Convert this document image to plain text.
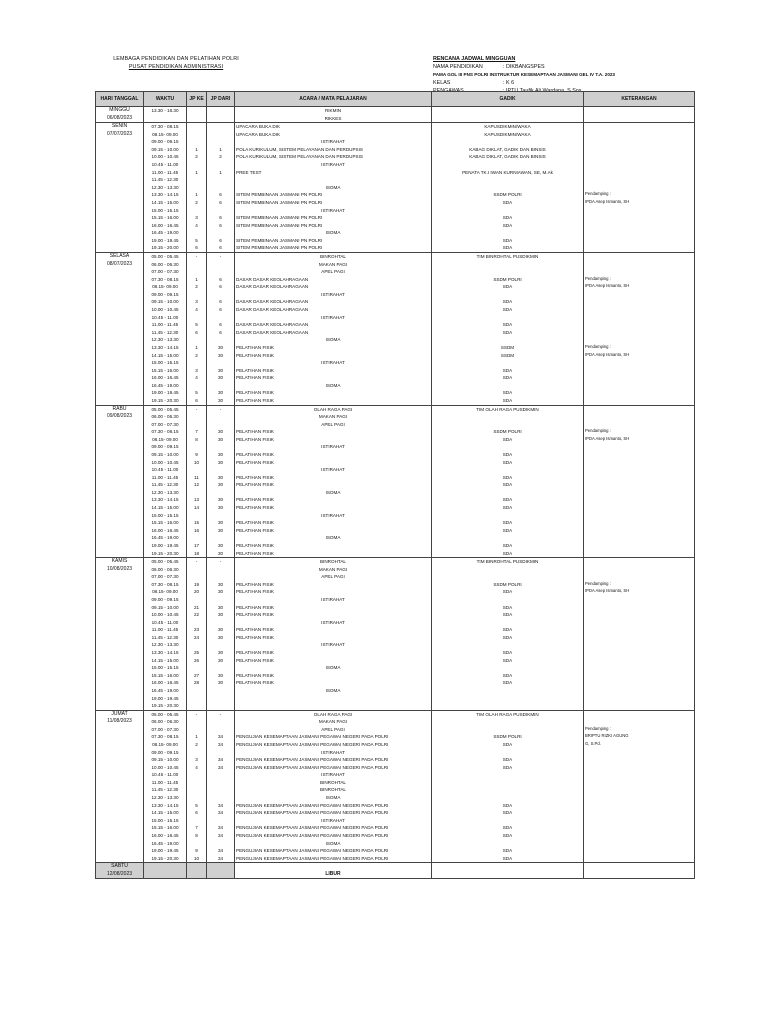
LEMBAGA PENDIDIKAN DAN PELATIHAN POLRI
PUSAT PENDIDIKAN ADMINISTRASI
RENCANA JADWAL MINGGUAN
NAMA PENDIDIKAN	: DIKBANGSPES
PAMA GOL III PNS POLRI INSTRUKTUR KESEMAPTAAN JASMANI GEL IV T.A. 2023
KELAS	: K 6
HARI TANGGAL	WAKTU	JP KE	JP DARI	ACARA / MATA PELAJARAN	GADIK	KETERANGAN
MINGGU	13.30 - 16.30			RIKMIN		
06/08/2023				RIKKES		
SENIN	07.30 - 08.15			UPACARA BUKA DIK	KAPUSDIKMIN/WAKA	
07/07/2023	08.15- 09.00			UPACARA BUKA DIK	KAPUSDIKMIN/WAKA	
	09.00 - 09.15			ISTIRAHAT		
	09.15 - 10.00	1	1	POLA KURIKULUM, SISTEM PELAYANAN DAN PERDUPSIS	KABAG DIKLAT, GADIK DAN BINSIS	
	10.00 - 10.45	2	2	POLA KURIKULUM, SISTEM PELAYANAN DAN PERDUPSIS	KABAG DIKLAT, GADIK DAN BINSIS	
	10.45 - 11.00			ISTIRAHAT		
	11.00 - 11.45	1	1	PREE TEST	PENATA TK.I IWAN KURNIAWAN, SE, M.Ak	
	11.45 - 12.30					
	12.30 - 13.30			ISOMA		
	13.30 - 14.15	1	6	SITEM PEMBINAAN JASMANI PN POLRI	SSDM POLRI	Pendamping :
	14.15 - 15.00	2	6	SITEM PEMBINAAN JASMANI PN POLRI	SDA	IPDA Asep Ismanto, SH
	15.00 - 15.15			ISTIRAHAT		
	15.15 - 16.00	3	6	SITEM PEMBINAAN JASMANI PN POLRI	SDA	
	16.00 - 16.45	4	6	SITEM PEMBINAAN JASMANI PN POLRI	SDA	
	16.45 - 19.00			ISOMA		
	19.00 - 19.45	5	6	SITEM PEMBINAAN JASMANI PN POLRI	SDA	
	19.15 - 20.00	6	6	SITEM PEMBINAAN JASMANI PN POLRI	SDA	
SELASA	05.00 - 05.45	-	-	BINROHTAL	TIM BINROHTAL PUSDIKMIN	
08/07/2023	06.00 - 06.30			MAKAN PAGI		
	07.00 - 07.30			APEL PAGI		
	07.30 - 08.15	1	6	DASAR DASAR KEOLAHRAGAAN	SSDM POLRI	Pendamping :
	08.15- 09.00	2	6	DASAR DASAR KEOLAHRAGAAN	SDA	IPDA Asep Ismanto, SH
	09.00 - 09.15			ISTIRAHAT		
	09.15 - 10.00	3	6	DASAR DASAR KEOLAHRAGAAN	SDA	
	10.00 - 10.45	4	6	DASAR DASAR KEOLAHRAGAAN	SDA	
	10.45 - 11.00			ISTIRAHAT		
	11.00 - 11.45	5	6	DASAR DASAR KEOLAHRAGAAN	SDA	
	11.45 - 12.30	6	6	DASAR DASAR KEOLAHRAGAAN	SDA	
	12.30 - 13.30			ISOMA		
	13.30 - 14.15	1	30	PELATIHAN FISIK	SSDM	Pendamping :
	14.15 - 15.00	2	30	PELATIHAN FISIK	SSDM	IPDA Asep Ismanto, SH
	15.00 - 15.15			ISTIRAHAT		
	15.15 - 16.00	3	30	PELATIHAN FISIK	SDA	
	16.00 - 16.45	4	30	PELATIHAN FISIK	SDA	
	16.45 - 19.00			ISOMA		
	19.00 - 19.45	5	30	PELATIHAN FISIK	SDA	
	19.15 - 20.30	6	30	PELATIHAN FISIK	SDA	
RABU	05.00 - 05.45	-	-	OLAH RAGA PAGI	TIM OLAH RAGA PUSDIKMIN	
09/08/2023	06.00 - 06.30			MAKAN PAGI		
	07.00 - 07.30			APEL PAGI		
	07.30 - 08.15	7	30	PELATIHAN FISIK	SSDM POLRI	Pendamping :
	08.15- 09.00	8	30	PELATIHAN FISIK	SDA	IPDA Asep Ismanto, SH
	09.00 - 09.15			ISTIRAHAT		
	09.15 - 10.00	9	30	PELATIHAN FISIK	SDA	
	10.00 - 10.45	10	30	PELATIHAN FISIK	SDA	
	10.45 - 11.00			ISTIRAHAT		
	11.00 - 11.45	11	30	PELATIHAN FISIK	SDA	
	11.45 - 12.30	12	30	PELATIHAN FISIK	SDA	
	12.30 - 13.30			ISOMA		
	13.30 - 14.15	13	30	PELATIHAN FISIK	SDA	
	14.15 - 15.00	14	30	PELATIHAN FISIK	SDA	
	15.00 - 15.15			ISTIRAHAT		
	15.15 - 16.00	15	30	PELATIHAN FISIK	SDA	
	16.00 - 16.45	16	30	PELATIHAN FISIK	SDA	
	16.45 - 19.00			ISOMA		
	19.00 - 19.45	17	30	PELATIHAN FISIK	SDA	
	19.15 - 20.30	18	30	PELATIHAN FISIK	SDA	
KAMIS	05.00 - 05.45	-	-	BINROHTAL	TIM BINROHTAL PUSDIKMIN	
10/08/2023	06.00 - 06.30			MAKAN PAGI		
	07.00 - 07.30			APEL PAGI		
	07.30 - 08.15	19	30	PELATIHAN FISIK	SSDM POLRI	Pendamping :
	08.15- 09.00	20	30	PELATIHAN FISIK	SDA	IPDA Asep Ismanto, SH
	09.00 - 09.15			ISTIRAHAT		
	09.15 - 10.00	21	30	PELATIHAN FISIK	SDA	
	10.00 - 10.45	22	30	PELATIHAN FISIK	SDA	
	10.45 - 11.00			ISTIRAHAT		
	11.00 - 11.45	23	30	PELATIHAN FISIK	SDA	
	11.45 - 12.30	24	30	PELATIHAN FISIK	SDA	
	12.30 - 13.30			ISTIRAHAT		
	13.30 - 14.15	25	30	PELATIHAN FISIK	SDA	
	14.15 - 15.00	26	30	PELATIHAN FISIK	SDA	
	15.00 - 15.15			ISOMA		
	15.15 - 16.00	27	30	PELATIHAN FISIK	SDA	
	16.00 - 16.45	28	30	PELATIHAN FISIK	SDA	
	16.45 - 19.00			ISOMA		
	19.00 - 19.45					
	19.15 - 20.30					
JUMAT	05.00 - 05.45	-	-	OLAH RAGA PAGI	TIM OLAH RAGA PUSDIKMIN	
11/08/2023	06.00 - 06.30			MAKAN PAGI		
	07.00 - 07.30			APEL PAGI		Pendamping :
	07.30 - 08.15	1	34	PENGUJIAN KESEMAPTAAN JASMANI PEGAWAI NEGERI PADA POLRI	SSDM POLRI	BRIPTU RIZKI AGUNG
	08.15- 09.00	2	34	PENGUJIAN KESEMAPTAAN JASMANI PEGAWAI NEGERI PADA POLRI	SDA	G, S.Pd.
	09.00 - 09.15			ISTIRAHAT		
	09.15 - 10.00	3	34	PENGUJIAN KESEMAPTAAN JASMANI PEGAWAI NEGERI PADA POLRI	SDA	
	10.00 - 10.45	4	34	PENGUJIAN KESEMAPTAAN JASMANI PEGAWAI NEGERI PADA POLRI	SDA	
	10.45 - 11.00			ISTIRAHAT		
	11.00 - 11.45			BINROHTAL		
	11.45 - 12.30			BINROHTAL		
	12.30 - 13.30			ISOMA		
	13.30 - 14.15	5	34	PENGUJIAN KESEMAPTAAN JASMANI PEGAWAI NEGERI PADA POLRI	SDA	
	14.15 - 15.00	6	34	PENGUJIAN KESEMAPTAAN JASMANI PEGAWAI NEGERI PADA POLRI	SDA	
	15.00 - 15.15			ISTIRAHAT		
	15.15 - 16.00	7	34	PENGUJIAN KESEMAPTAAN JASMANI PEGAWAI NEGERI PADA POLRI	SDA	
	16.00 - 16.45	8	34	PENGUJIAN KESEMAPTAAN JASMANI PEGAWAI NEGERI PADA POLRI	SDA	
	16.45 - 19.00			ISOMA		
	19.00 - 19.45	9	34	PENGUJIAN KESEMAPTAAN JASMANI PEGAWAI NEGERI PADA POLRI	SDA	
	19.15 - 20.30	10	34	PENGUJIAN KESEMAPTAAN JASMANI PEGAWAI NEGERI PADA POLRI	SDA	
SABTU						
12/08/2023				LIBUR		
